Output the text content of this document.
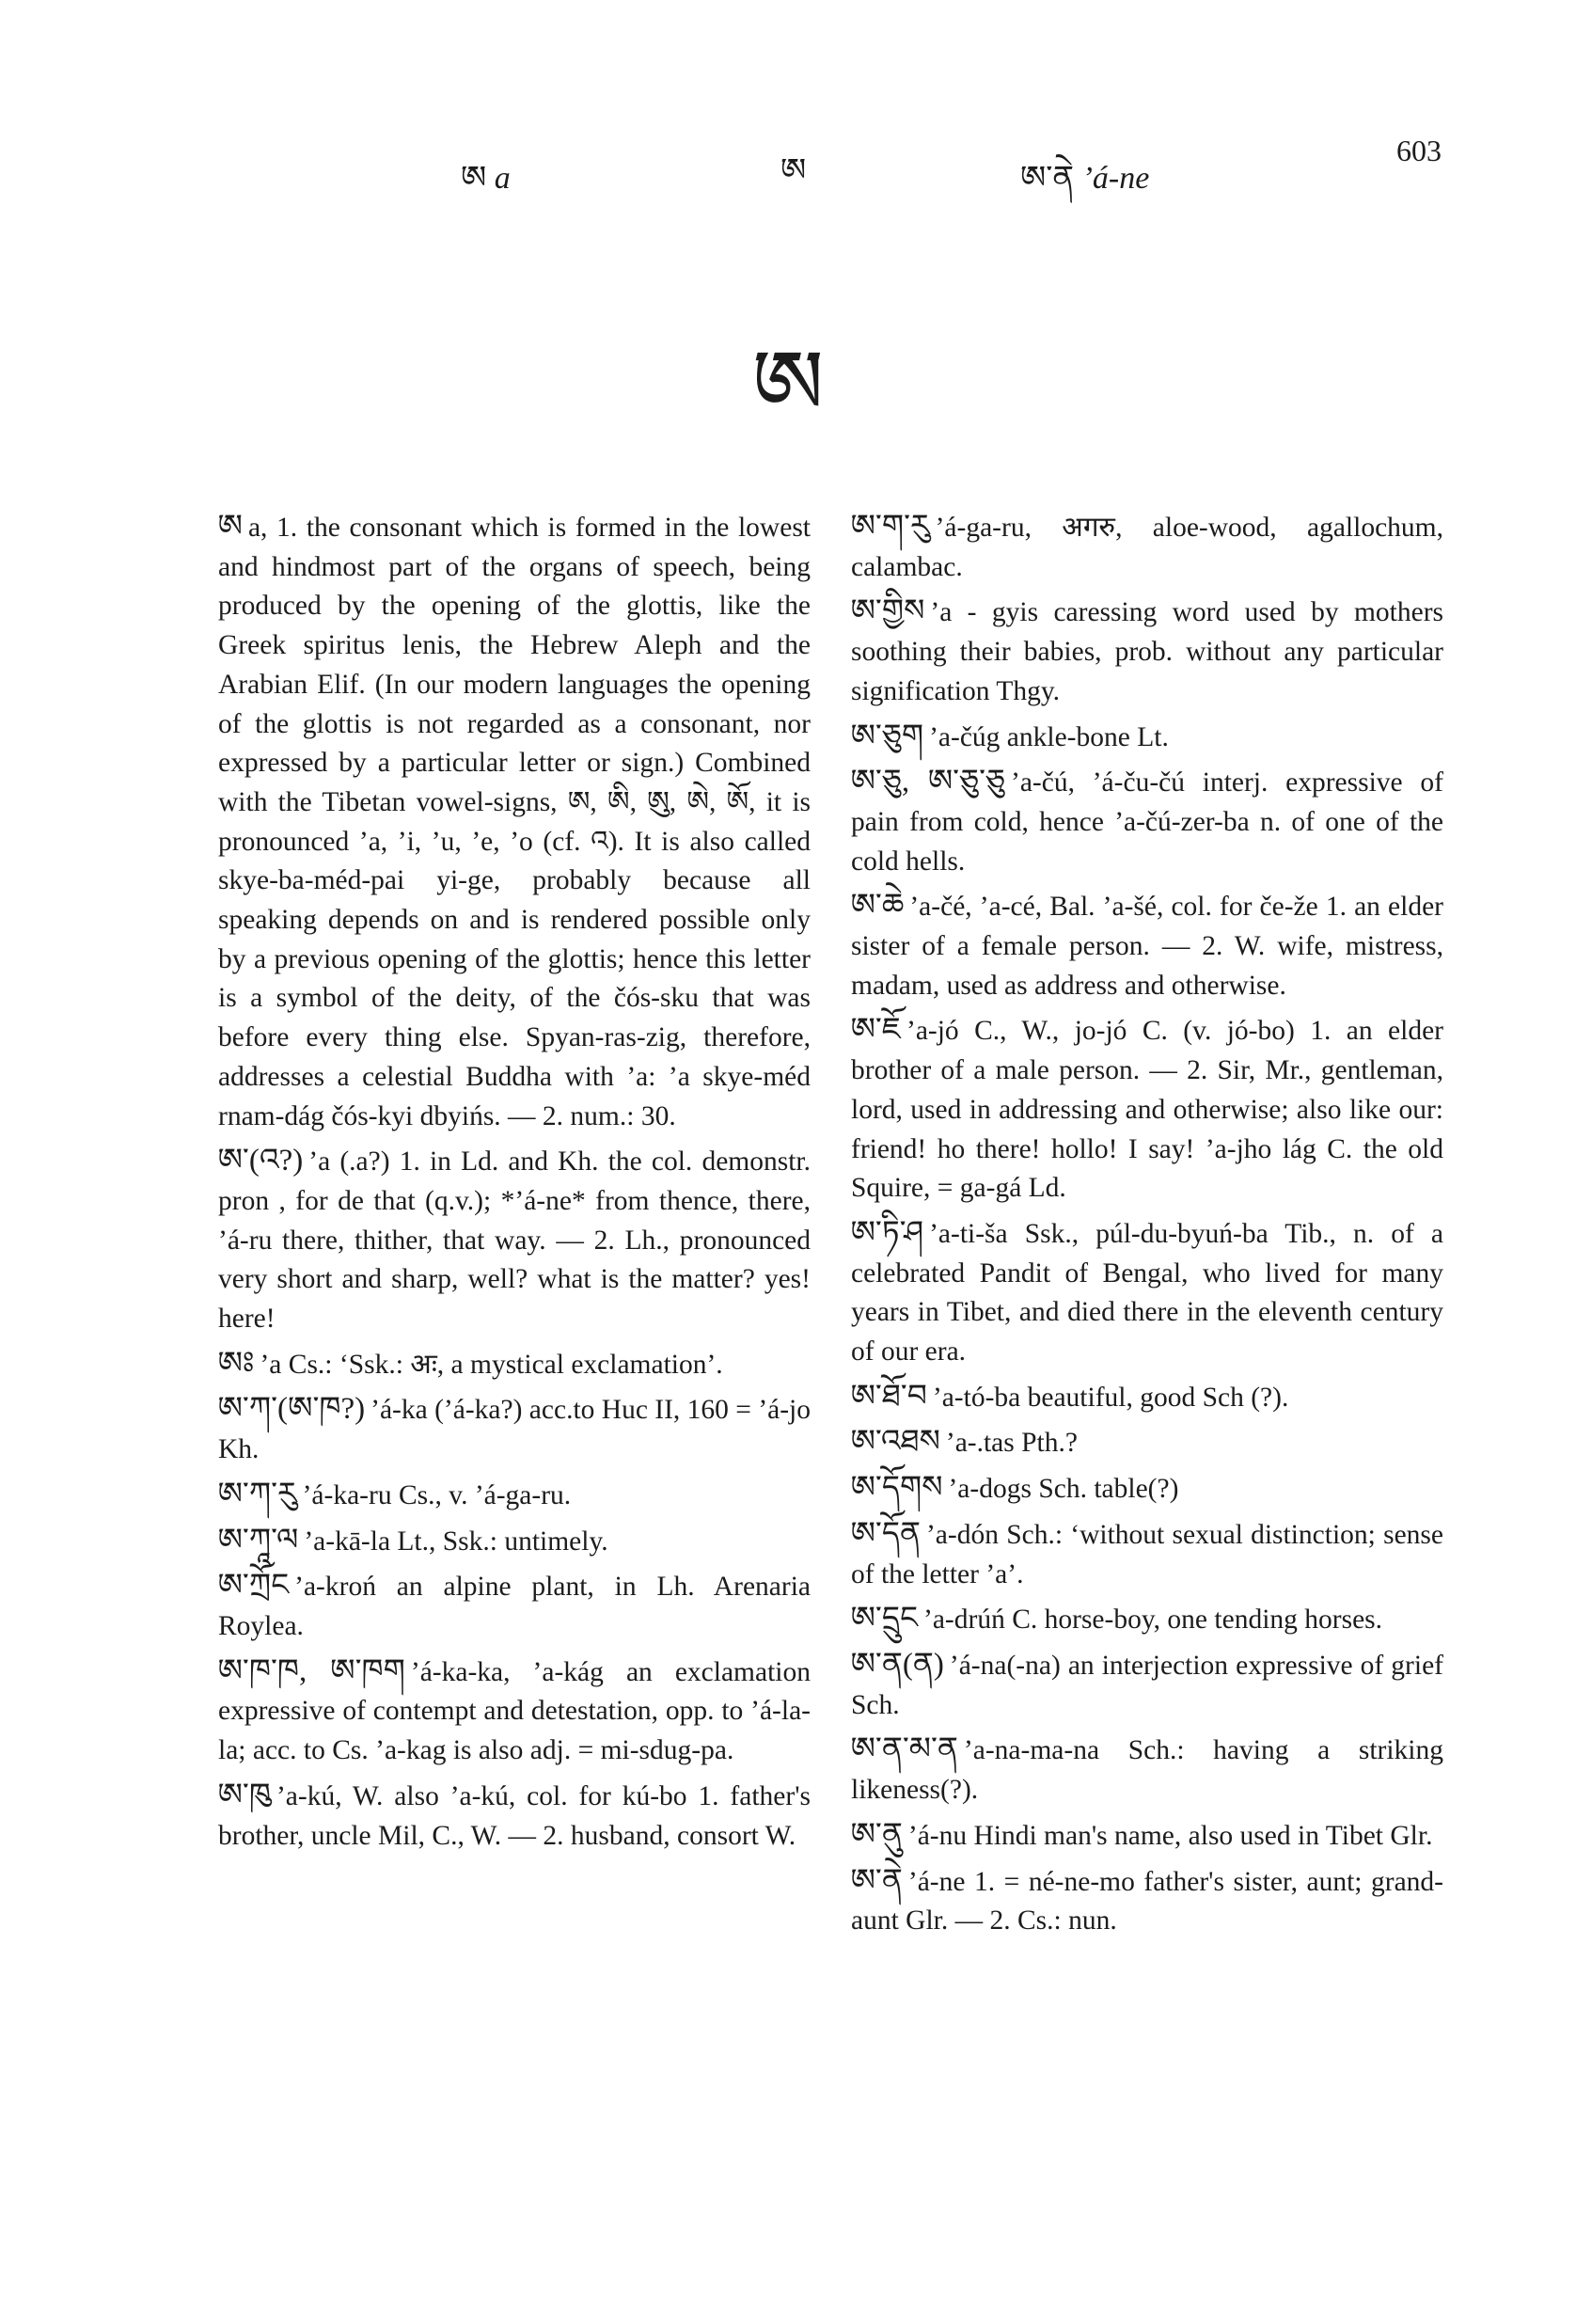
ཨ a	ཨ	ཨ་ནེ ’á-ne
603
ཨ

ཨ a, 1. the consonant which is formed in the lowest and hindmost part of the organs of speech, being produced by the opening of the glottis, like the Greek spiritus lenis, the Hebrew Aleph and the Arabian Elif. (In our modern languages the opening of the glottis is not regarded as a consonant, nor expressed by a particular letter or sign.) Combined with the Tibetan vowel-signs, ཨ, ཨི, ཨུ, ཨེ, ཨོ, it is pronounced ’a, ’i, ’u, ’e, ’o (cf. འ). It is also called skye-ba-méd-pai yi-ge, probably because all speaking depends on and is rendered possible only by a previous opening of the glottis; hence this letter is a symbol of the deity, of the čós-sku that was before every thing else. Spyan-ras-zig, therefore, addresses a celestial Buddha with ’a: ’a skye-méd rnam-dág čós-kyi dbyińs. — 2. num.: 30.

ཨ་(འ?) ’a (.a?) 1. in Ld. and Kh. the col. demonstr. pron , for de that (q.v.); *’á-ne* from thence, there, ’á-ru there, thither, that way. — 2. Lh., pronounced very short and sharp, well? what is the matter? yes! here!

ཨཿ ’a Cs.: ‘Ssk.: अः, a mystical exclamation’.

ཨ་ཀ་(ཨ་ཁ?) ’á-ka (’á-ka?) acc.to Huc II, 160 = ’á-jo Kh.

ཨ་ཀ་རུ ’á-ka-ru Cs., v. ’á-ga-ru.

ཨ་ཀཱ་ལ ’a-kā-la Lt., Ssk.: untimely.

ཨ་ཀྲོང ’a-kroń an alpine plant, in Lh. Arenaria Roylea.

ཨ་ཁ་ཁ, ཨ་ཁག ’á-ka-ka, ’a-kág an exclamation expressive of contempt and detestation, opp. to ’á-la-la; acc. to Cs. ’a-kag is also adj. = mi-sdug-pa.

ཨ་ཁུ ’a-kú, W. also ’a-kú, col. for kú-bo 1. father's brother, uncle Mil, C., W. — 2. husband, consort W.

ཨ་ག་རུ ’á-ga-ru, अगरु, aloe-wood, agallochum, calambac.

ཨ་གྱིས ’a - gyis caressing word used by mothers soothing their babies, prob. without any particular signification Thgy.

ཨ་ཅུག ’a-čúg ankle-bone Lt.

ཨ་ཅུ, ཨ་ཅུ་ཅུ ’a-čú, ’á-ču-čú interj. expressive of pain from cold, hence ’a-čú-zer-ba n. of one of the cold hells.

ཨ་ཆེ ’a-čé, ’a-cé, Bal. ’a-šé, col. for če-že 1. an elder sister of a female person. — 2. W. wife, mistress, madam, used as address and otherwise.

ཨ་ཇོ ’a-jó C., W., jo-jó C. (v. jó-bo) 1. an elder brother of a male person. — 2. Sir, Mr., gentleman, lord, used in addressing and otherwise; also like our: friend! ho there! hollo! I say! ’a-jho lág C. the old Squire, = ga-gá Ld.

ཨ་ཏི་ཤ ’a-ti-ša Ssk., púl-du-byuń-ba Tib., n. of a celebrated Pandit of Bengal, who lived for many years in Tibet, and died there in the eleventh century of our era.

ཨ་ཐོ་བ ’a-tó-ba beautiful, good Sch (?).

ཨ་འཐས ’a-.tas Pth.?

ཨ་དོགས ’a-dogs Sch. table(?)

ཨ་དོན ’a-dón Sch.: ‘without sexual distinction; sense of the letter ’a’.

ཨ་དྲུང ’a-drúń C. horse-boy, one tending horses.

ཨ་ན(ན) ’á-na(-na) an interjection expressive of grief Sch.

ཨ་ན་མ་ན ’a-na-ma-na Sch.: having a striking likeness(?).

ཨ་ནུ ’á-nu Hindi man's name, also used in Tibet Glr.

ཨ་ནེ ’á-ne 1. = né-ne-mo father's sister, aunt; grand-aunt Glr. — 2. Cs.: nun.
